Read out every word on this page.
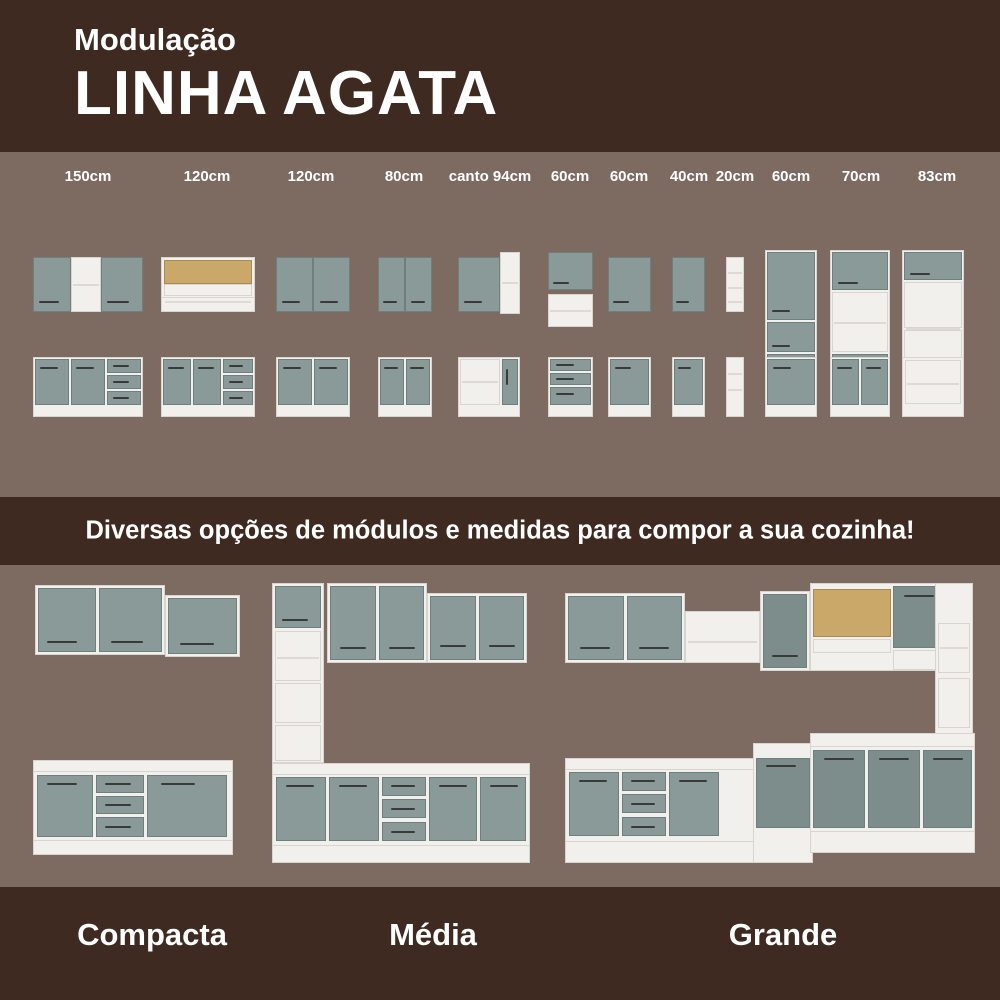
Modulação
LINHA AGATA
150cm	120cm	120cm	80cm canto 94cm 60cm 60cm 40cm 20cm 60cm 70cm	83cm
Diversas opções de módulos e medidas para compor a sua cozinha!
Compacta	Média	Grande
